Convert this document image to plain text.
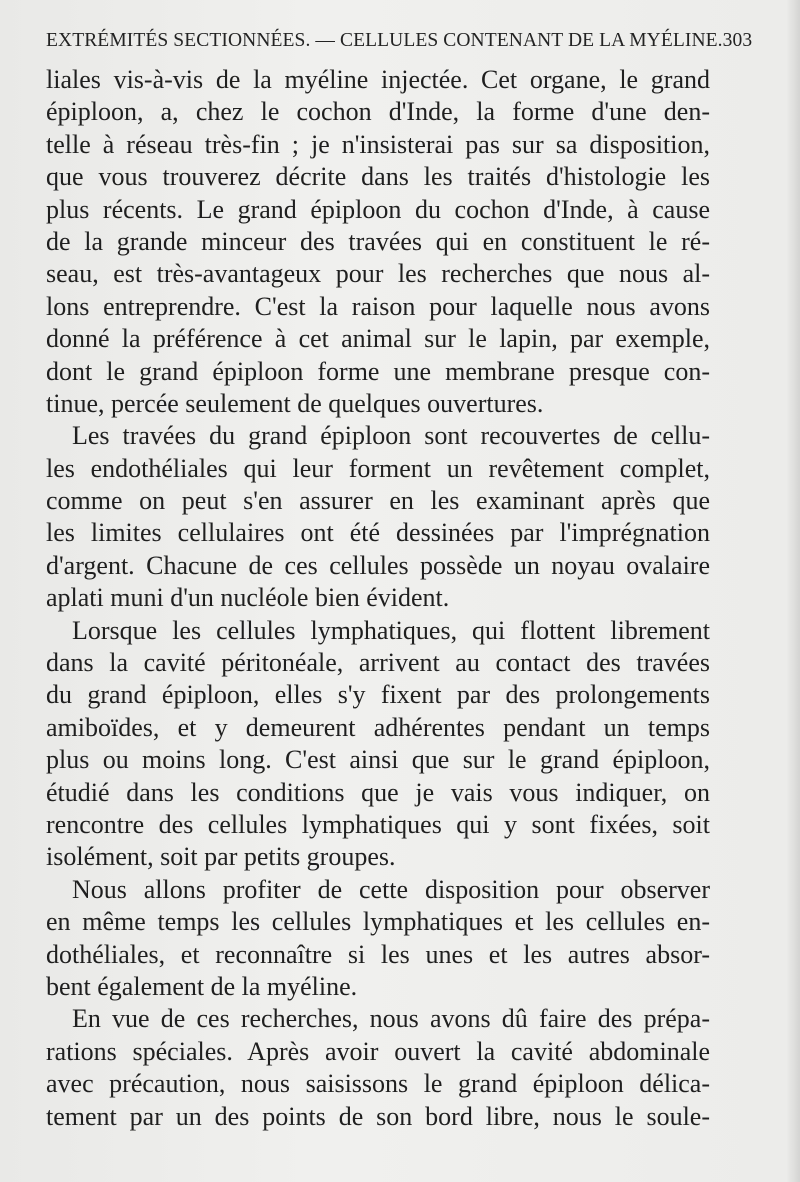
EXTRÉMITÉS SECTIONNÉES. — CELLULES CONTENANT DE LA MYÉLINE. 303
liales vis-à-vis de la myéline injectée. Cet organe, le grand
épiploon, a, chez le cochon d'Inde, la forme d'une den-
telle à réseau très-fin ; je n'insisterai pas sur sa disposition,
que vous trouverez décrite dans les traités d'histologie les
plus récents. Le grand épiploon du cochon d'Inde, à cause
de la grande minceur des travées qui en constituent le ré-
seau, est très-avantageux pour les recherches que nous al-
lons entreprendre. C'est la raison pour laquelle nous avons
donné la préférence à cet animal sur le lapin, par exemple,
dont le grand épiploon forme une membrane presque con-
tinue, percée seulement de quelques ouvertures.
Les travées du grand épiploon sont recouvertes de cellu-
les endothéliales qui leur forment un revêtement complet,
comme on peut s'en assurer en les examinant après que
les limites cellulaires ont été dessinées par l'imprégnation
d'argent. Chacune de ces cellules possède un noyau ovalaire
aplati muni d'un nucléole bien évident.
Lorsque les cellules lymphatiques, qui flottent librement
dans la cavité péritonéale, arrivent au contact des travées
du grand épiploon, elles s'y fixent par des prolongements
amiboïdes, et y demeurent adhérentes pendant un temps
plus ou moins long. C'est ainsi que sur le grand épiploon,
étudié dans les conditions que je vais vous indiquer, on
rencontre des cellules lymphatiques qui y sont fixées, soit
isolément, soit par petits groupes.
Nous allons profiter de cette disposition pour observer
en même temps les cellules lymphatiques et les cellules en-
dothéliales, et reconnaître si les unes et les autres absor-
bent également de la myéline.
En vue de ces recherches, nous avons dû faire des prépa-
rations spéciales. Après avoir ouvert la cavité abdominale
avec précaution, nous saisissons le grand épiploon délica-
tement par un des points de son bord libre, nous le soule-
